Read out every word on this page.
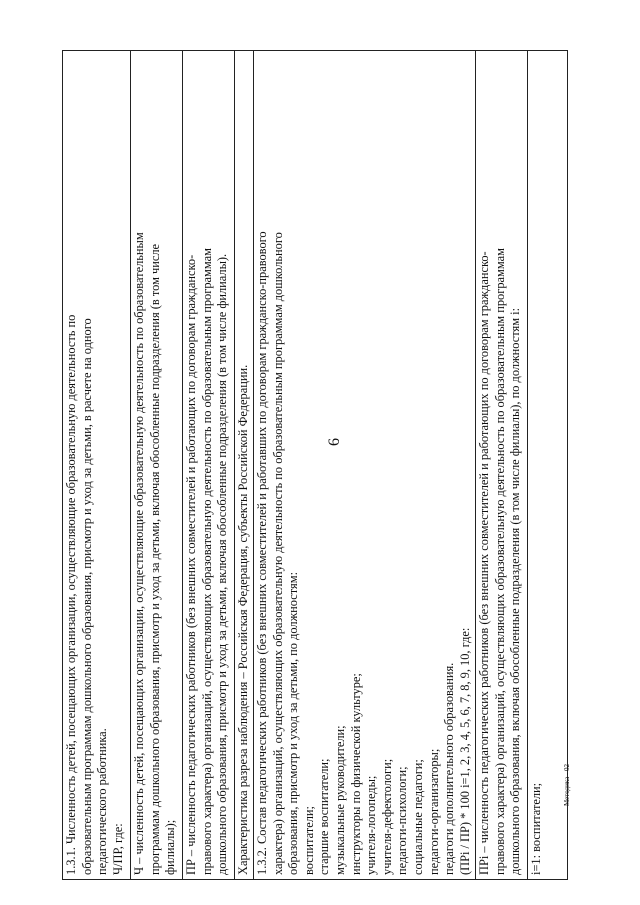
6

1.3.1. Численность детей, посещающих организации, осуществляющие образовательную деятельность по образовательным программам дошкольного образования, присмотр и уход за детьми, в расчете на одного педагогического работника. Ч/ПР, где: Ч – численность детей, посещающих организации, осуществляющие образовательную деятельность по образовательным программам дошкольного образования, присмотр и уход за детьми, включая обособленные подразделения (в том числе филиалы); ПР – численность педагогических работников (без внешних совместителей и работающих по договорам гражданско- правового характера) организаций, осуществляющих образовательную деятельность по образовательным программам дошкольного образования, присмотр и уход за детьми, включая обособленные подразделения (в том числе филиалы). Характеристика разреза наблюдения – Российская Федерация, субъекты Российской Федерации. 1.3.2. Состав педагогических работников (без внешних совместителей и работавших по договорам гражданско-правового характера) организаций, осуществляющих образовательную деятельность по образовательным программам дошкольного образования, присмотр и уход за детьми, по должностям: воспитатели; старшие воспитатели; музыкальные руководители; инструкторы по физической культуре; учителя-логопеды; учителя-дефектологи; педагоги-психологи; социальные педагоги; педагоги-организаторы; педагоги дополнительного образования. (ПРi / ПР) * 100 i=1, 2, 3, 4, 5, 6, 7, 8, 9, 10, где: ПРi – численность педагогических работников (без внешних совместителей и работающих по договорам гражданско- правового характера) организаций, осуществляющих образовательную деятельность по образовательным программам дошкольного образования, включая обособленные подразделения (в том числе филиалы), по должностям i: i=1: воспитатели;	Методика - 02
